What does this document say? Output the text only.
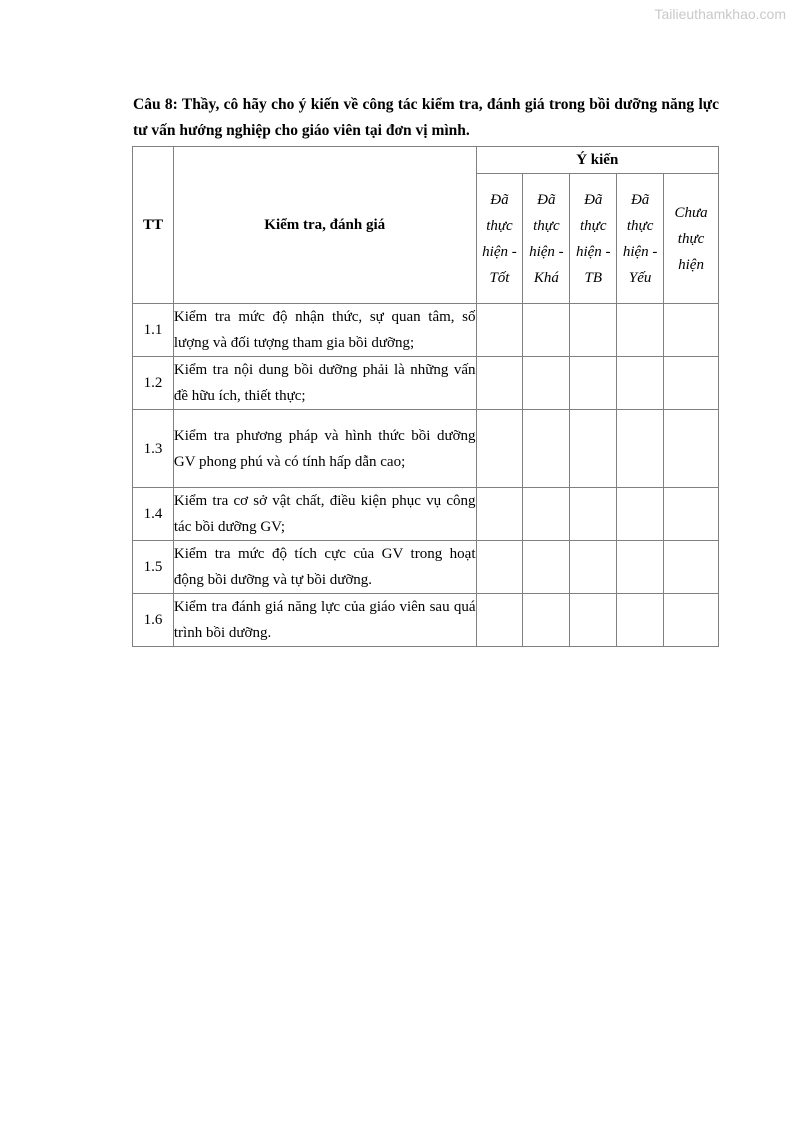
Tailieuthamkhao.com
Câu 8: Thầy, cô hãy cho ý kiến về công tác kiểm tra, đánh giá trong bồi dưỡng năng lực tư vấn hướng nghiệp cho giáo viên tại đơn vị mình.
TT	Kiểm tra, đánh giá	Ý kiến				

		Đã thực hiện - Tốt	Đã thực hiện - Khá	Đã thực hiện - TB	Đã thực hiện - Yếu	Chưa thực hiện

1.1	Kiểm tra mức độ nhận thức, sự quan tâm, số lượng và đối tượng tham gia bồi dưỡng;					
1.2	Kiểm tra nội dung bồi dưỡng phải là những vấn đề hữu ích, thiết thực;					
1.3	Kiểm tra phương pháp và hình thức bồi dưỡng GV phong phú và có tính hấp dẫn cao;					
1.4	Kiểm tra cơ sở vật chất, điều kiện phục vụ công tác bồi dưỡng GV;					
1.5	Kiểm tra mức độ tích cực của GV trong hoạt động bồi dưỡng và tự bồi dưỡng.					
1.6	Kiểm tra đánh giá năng lực của giáo viên sau quá trình bồi dưỡng.					
